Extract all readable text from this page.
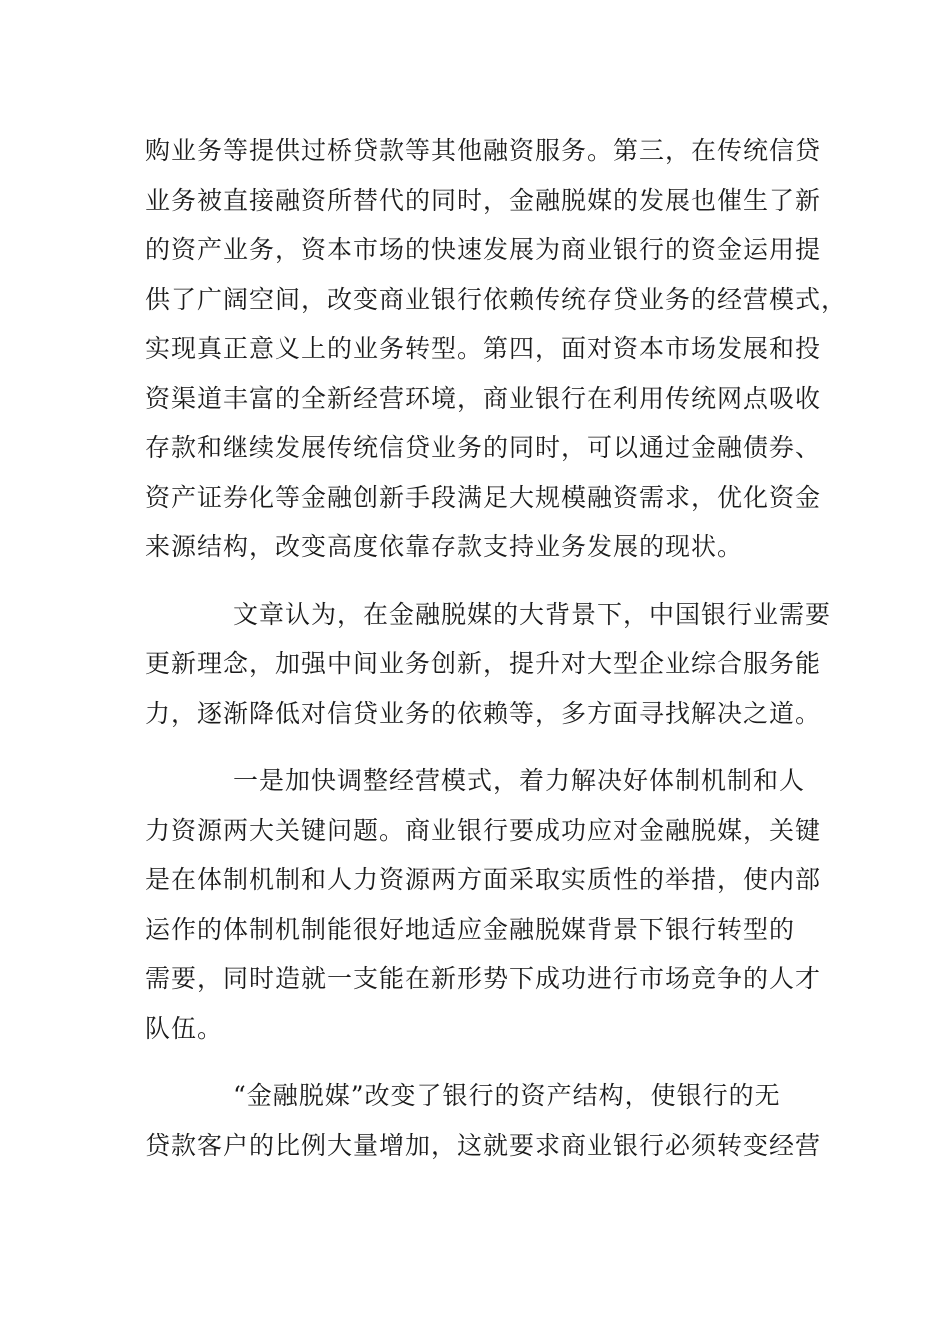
购业务等提供过桥贷款等其他融资服务。第三，在传统信贷
业务被直接融资所替代的同时，金融脱媒的发展也催生了新
的资产业务，资本市场的快速发展为商业银行的资金运用提
供了广阔空间，改变商业银行依赖传统存贷业务的经营模式，
实现真正意义上的业务转型。第四，面对资本市场发展和投
资渠道丰富的全新经营环境，商业银行在利用传统网点吸收
存款和继续发展传统信贷业务的同时，可以通过金融债券、
资产证券化等金融创新手段满足大规模融资需求，优化资金
来源结构，改变高度依靠存款支持业务发展的现状。
文章认为，在金融脱媒的大背景下，中国银行业需要
更新理念，加强中间业务创新，提升对大型企业综合服务能
力，逐渐降低对信贷业务的依赖等，多方面寻找解决之道。
一是加快调整经营模式，着力解决好体制机制和人
力资源两大关键问题。商业银行要成功应对金融脱媒，关键
是在体制机制和人力资源两方面采取实质性的举措，使内部
运作的体制机制能很好地适应金融脱媒背景下银行转型的
需要，同时造就一支能在新形势下成功进行市场竞争的人才
队伍。
“金融脱媒”改变了银行的资产结构，使银行的无
贷款客户的比例大量增加，这就要求商业银行必须转变经营
